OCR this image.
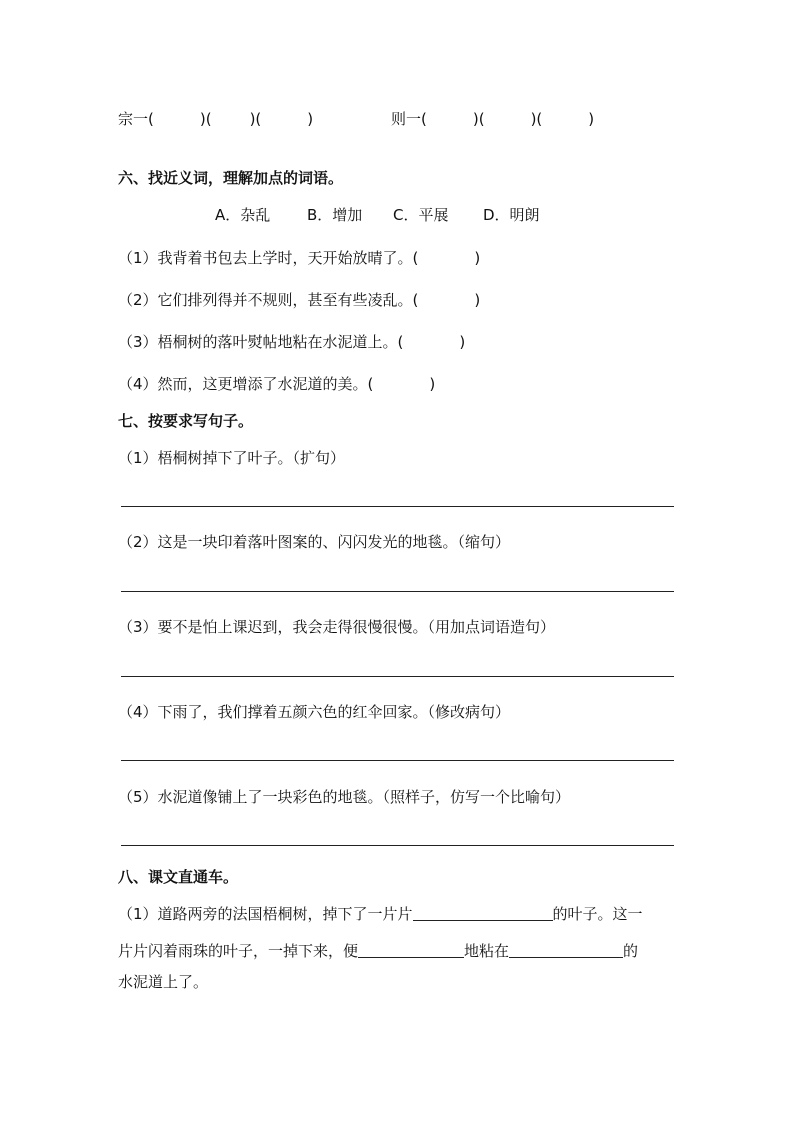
宗一(	)(	)(	)	则一(	)(	)(	)
六、找近义词，理解加点的词语。
A．杂乱 B．增加 C．平展 D．明朗
（1）我背着书包去上学时，天开始放晴了。(	)
（2）它们排列得并不规则，甚至有些凌乱。(	)
（3）梧桐树的落叶熨帖地粘在水泥道上。(	)
（4）然而，这更增添了水泥道的美。(	)
七、按要求写句子。
（1）梧桐树掉下了叶子。（扩句）
（2）这是一块印着落叶图案的、闪闪发光的地毯。（缩句）
（3）要不是怕上课迟到，我会走得很慢很慢。（用加点词语造句）
（4）下雨了，我们撑着五颜六色的红伞回家。（修改病句）
（5）水泥道像铺上了一块彩色的地毯。（照样子，仿写一个比喻句）
八、课文直通车。
（1）道路两旁的法国梧桐树，掉下了一片片	的叶子。这一
片片闪着雨珠的叶子，一掉下来，便	地粘在	的
水泥道上了。
